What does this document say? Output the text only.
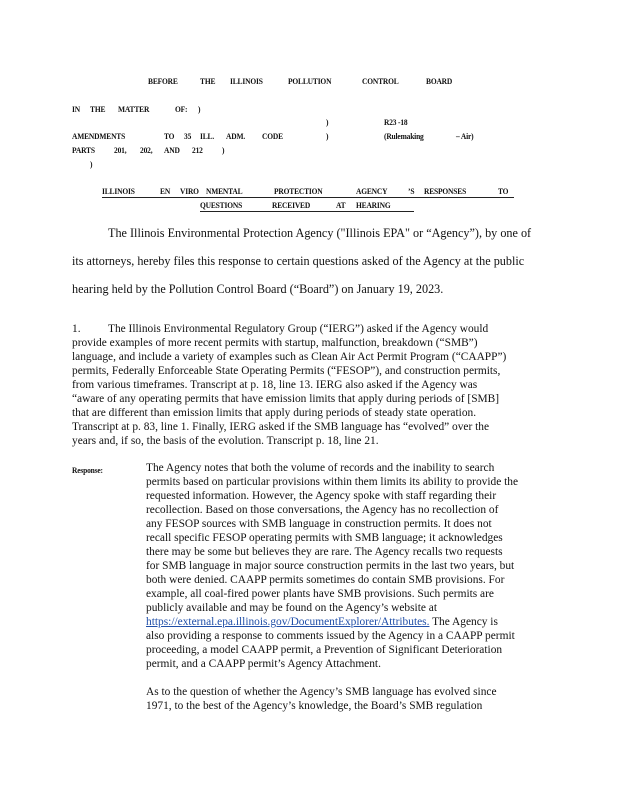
BEFORE	THE ILLINOIS	POLLUTION	CONTROL	BOARD
IN THE MATTER	OF: )
)	R23 -18
AMENDMENTS	TO 35 ILL. ADM. CODE	)	(Rulemaking	– Air)
PARTS 201, 202, AND 212 )
)
ILLINOIS	EN VIRO NMENTAL	PROTECTION	AGENCY ’S RESPONSES	TO
QUESTIONS	RECEIVED	AT HEARING
The Illinois Environmental Protection Agency ("Illinois EPA" or “Agency”), by one of
its attorneys, hereby files this response to certain questions asked of the Agency at the public
hearing held by the Pollution Control Board (“Board”) on January 19, 2023.
1. The Illinois Environmental Regulatory Group (“IERG”) asked if the Agency would
provide examples of more recent permits with startup, malfunction, breakdown (“SMB”)
language, and include a variety of examples such as Clean Air Act Permit Program (“CAAPP”)
permits, Federally Enforceable State Operating Permits (“FESOP”), and construction permits,
from various timeframes. Transcript at p. 18, line 13. IERG also asked if the Agency was
“aware of any operating permits that have emission limits that apply during periods of [SMB]
that are different than emission limits that apply during periods of steady state operation.
Transcript at p. 83, line 1. Finally, IERG asked if the SMB language has “evolved” over the
years and, if so, the basis of the evolution. Transcript p. 18, line 21.
Response:	The Agency notes that both the volume of records and the inability to search
permits based on particular provisions within them limits its ability to provide the
requested information. However, the Agency spoke with staff regarding their
recollection. Based on those conversations, the Agency has no recollection of
any FESOP sources with SMB language in construction permits. It does not
recall specific FESOP operating permits with SMB language; it acknowledges
there may be some but believes they are rare. The Agency recalls two requests
for SMB language in major source construction permits in the last two years, but
both were denied. CAAPP permits sometimes do contain SMB provisions. For
example, all coal-fired power plants have SMB provisions. Such permits are
publicly available and may be found on the Agency’s website at
https://external.epa.illinois.gov/DocumentExplorer/Attributes. The Agency is
also providing a response to comments issued by the Agency in a CAAPP permit
proceeding, a model CAAPP permit, a Prevention of Significant Deterioration
permit, and a CAAPP permit’s Agency Attachment.
As to the question of whether the Agency’s SMB language has evolved since
1971, to the best of the Agency’s knowledge, the Board’s SMB regulation
